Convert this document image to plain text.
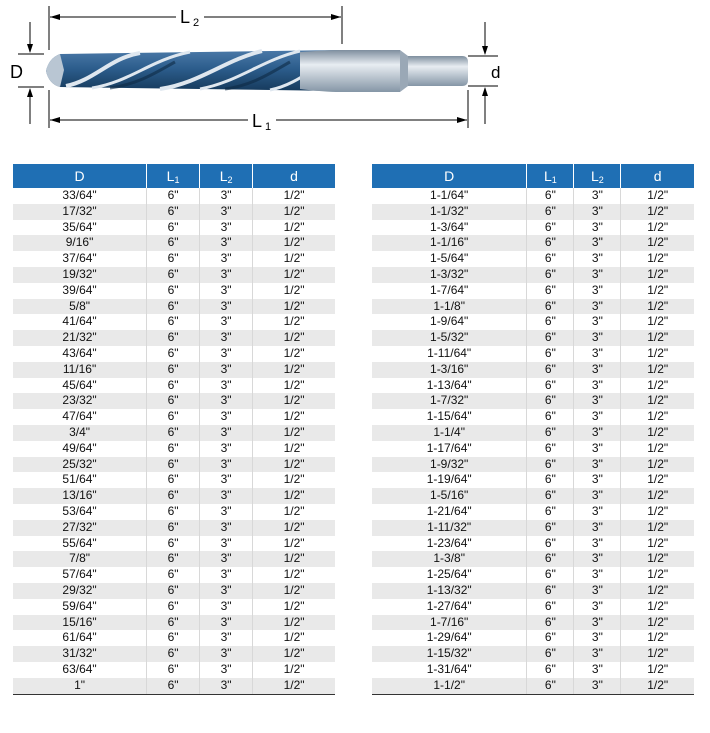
L 2
D	d
L 1
D	$L_1$	$L_2$	d
33/64"	6"	3"	1/2"
17/32"	6"	3"	1/2"
35/64"	6"	3"	1/2"
9/16"	6"	3"	1/2"
37/64"	6"	3"	1/2"
19/32"	6"	3"	1/2"
39/64"	6"	3"	1/2"
5/8"	6"	3"	1/2"
41/64"	6"	3"	1/2"
21/32"	6"	3"	1/2"
43/64"	6"	3"	1/2"
11/16"	6"	3"	1/2"
45/64"	6"	3"	1/2"
23/32"	6"	3"	1/2"
47/64"	6"	3"	1/2"
3/4"	6"	3"	1/2"
49/64"	6"	3"	1/2"
25/32"	6"	3"	1/2"
51/64"	6"	3"	1/2"
13/16"	6"	3"	1/2"
53/64"	6"	3"	1/2"
27/32"	6"	3"	1/2"
55/64"	6"	3"	1/2"
7/8"	6"	3"	1/2"
57/64"	6"	3"	1/2"
29/32"	6"	3"	1/2"
59/64"	6"	3"	1/2"
15/16"	6"	3"	1/2"
61/64"	6"	3"	1/2"
31/32"	6"	3"	1/2"
63/64"	6"	3"	1/2"
1"	6"	3"	1/2"
D	$L_1$	$L_2$	d
1-1/64"	6"	3"	1/2"
1-1/32"	6"	3"	1/2"
1-3/64"	6"	3"	1/2"
1-1/16"	6"	3"	1/2"
1-5/64"	6"	3"	1/2"
1-3/32"	6"	3"	1/2"
1-7/64"	6"	3"	1/2"
1-1/8"	6"	3"	1/2"
1-9/64"	6"	3"	1/2"
1-5/32"	6"	3"	1/2"
1-11/64"	6"	3"	1/2"
1-3/16"	6"	3"	1/2"
1-13/64"	6"	3"	1/2"
1-7/32"	6"	3"	1/2"
1-15/64"	6"	3"	1/2"
1-1/4"	6"	3"	1/2"
1-17/64"	6"	3"	1/2"
1-9/32"	6"	3"	1/2"
1-19/64"	6"	3"	1/2"
1-5/16"	6"	3"	1/2"
1-21/64"	6"	3"	1/2"
1-11/32"	6"	3"	1/2"
1-23/64"	6"	3"	1/2"
1-3/8"	6"	3"	1/2"
1-25/64"	6"	3"	1/2"
1-13/32"	6"	3"	1/2"
1-27/64"	6"	3"	1/2"
1-7/16"	6"	3"	1/2"
1-29/64"	6"	3"	1/2"
1-15/32"	6"	3"	1/2"
1-31/64"	6"	3"	1/2"
1-1/2"	6"	3"	1/2"
